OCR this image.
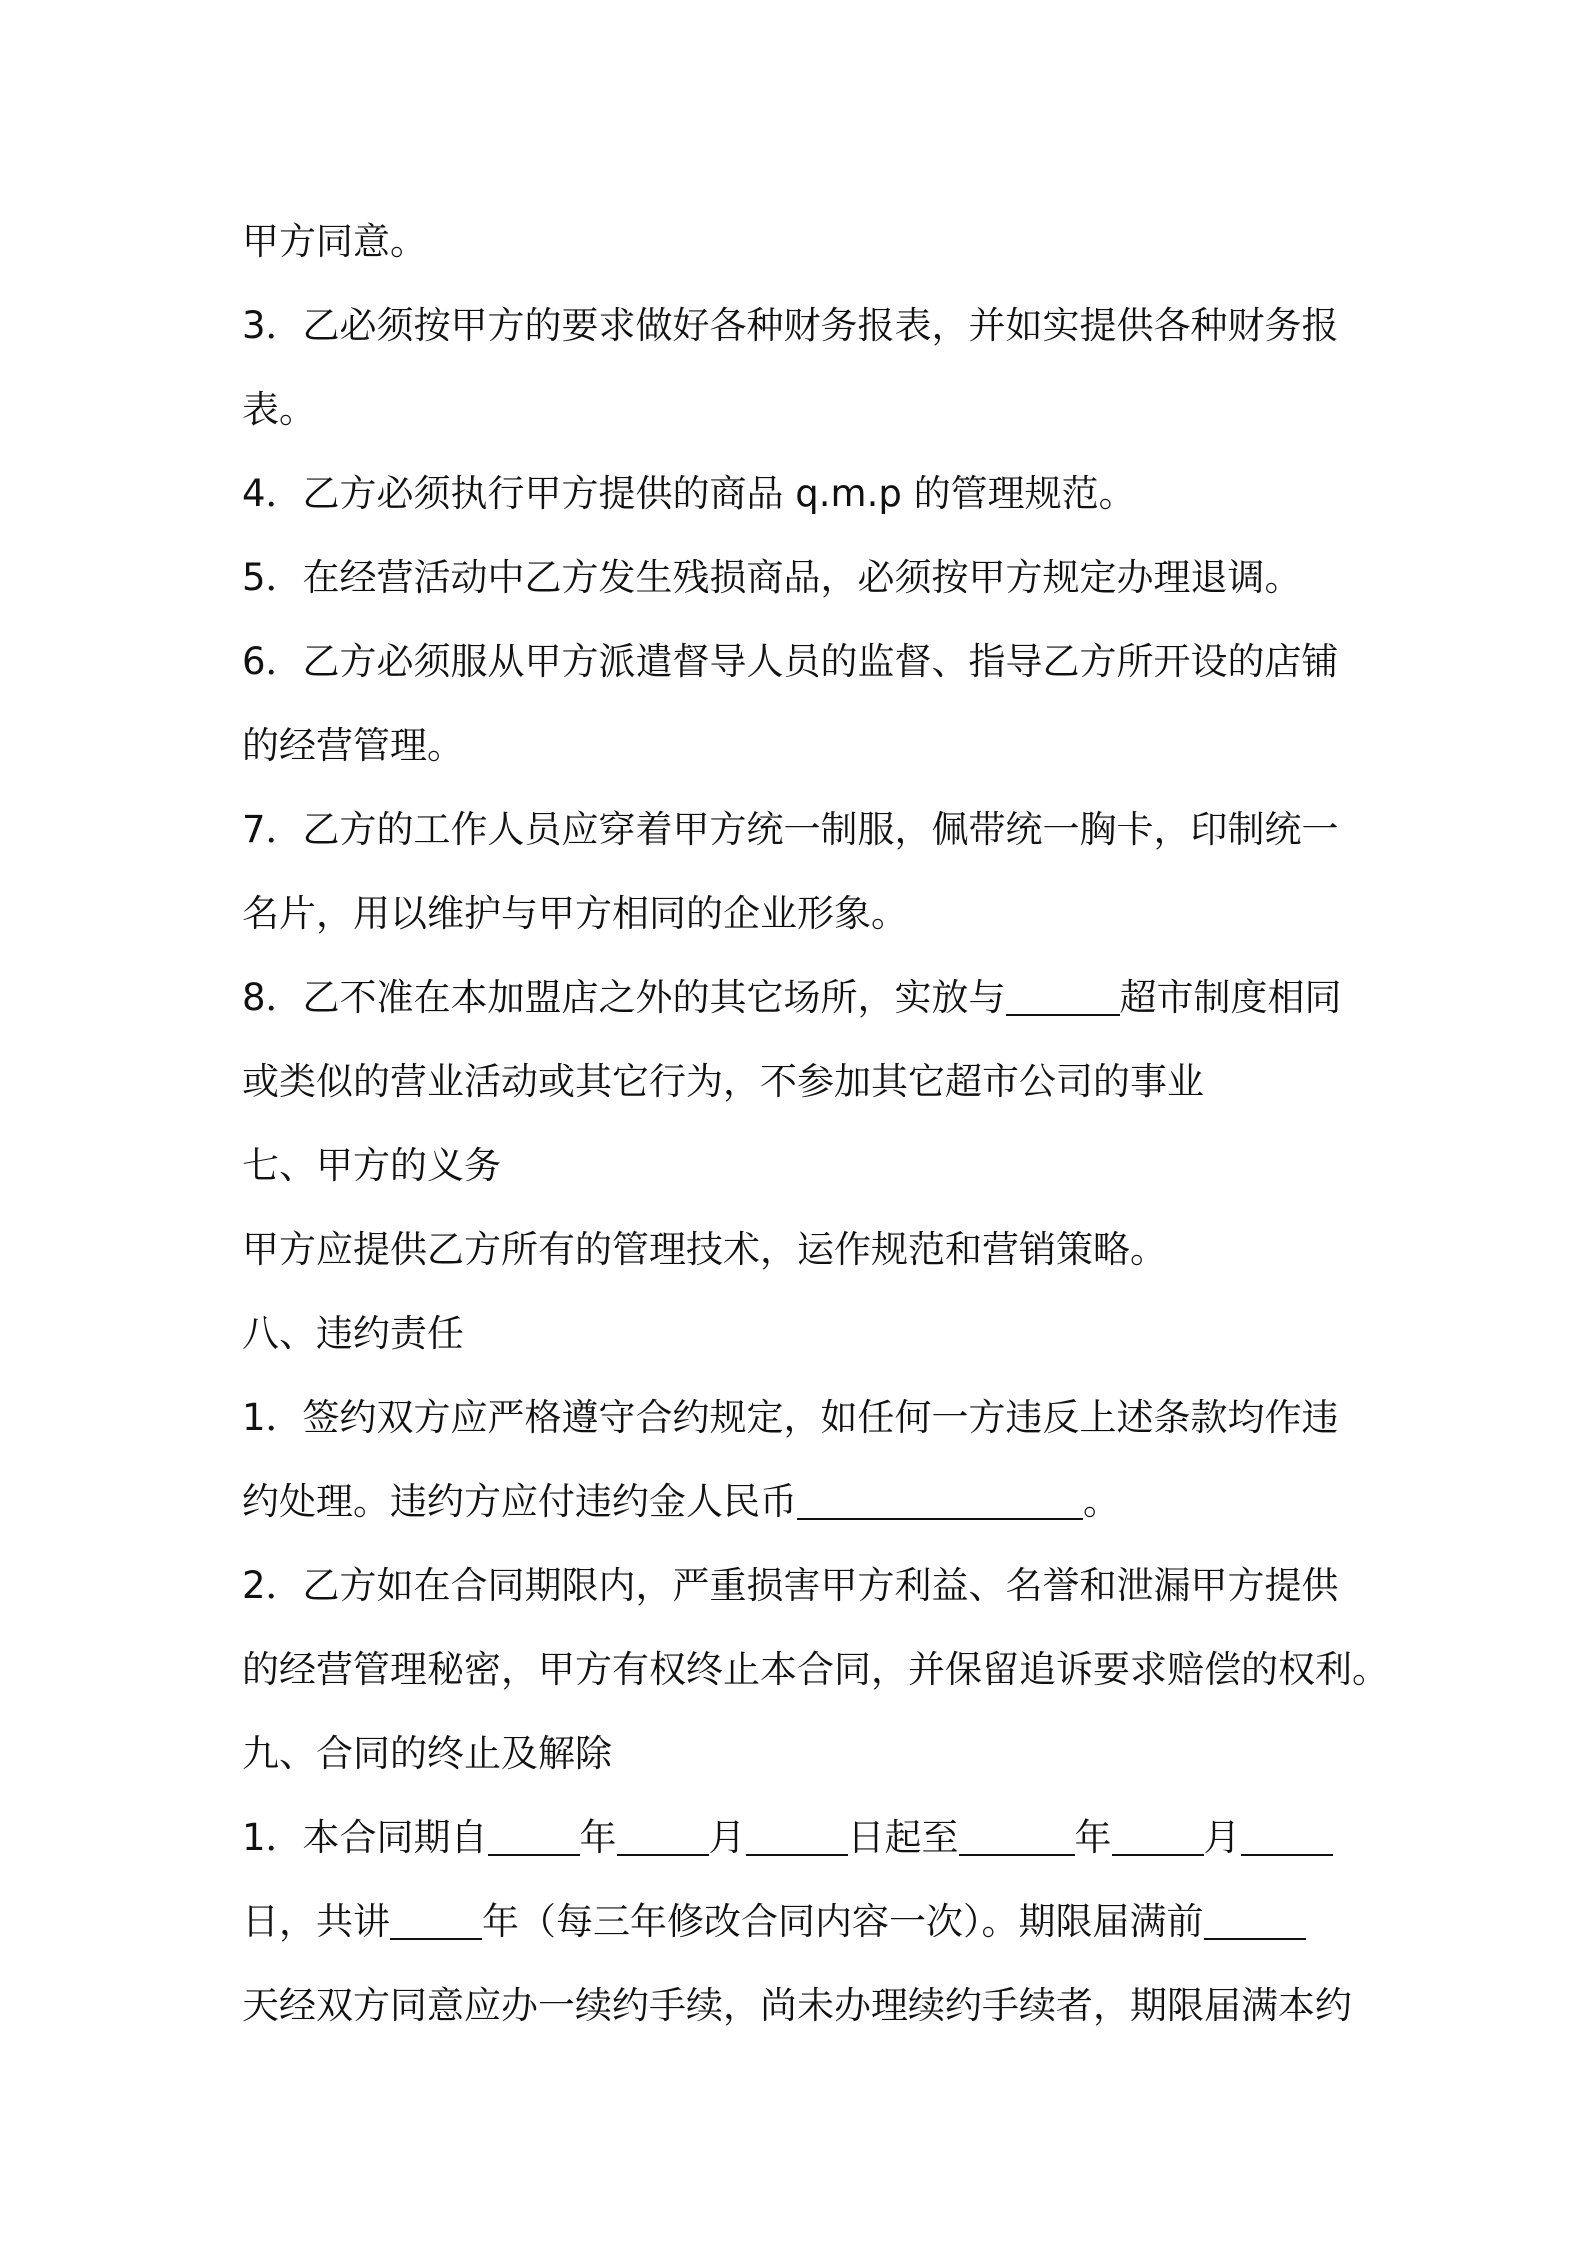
甲方同意。
3．乙必须按甲方的要求做好各种财务报表，并如实提供各种财务报
表。
4．乙方必须执行甲方提供的商品 q.m.p 的管理规范。
5．在经营活动中乙方发生残损商品，必须按甲方规定办理退调。
6．乙方必须服从甲方派遣督导人员的监督、指导乙方所开设的店铺
的经营管理。
7．乙方的工作人员应穿着甲方统一制服，佩带统一胸卡，印制统一
名片，用以维护与甲方相同的企业形象。
8．乙不准在本加盟店之外的其它场所，实放与	超市制度相同
或类似的营业活动或其它行为，不参加其它超市公司的事业
七、甲方的义务
甲方应提供乙方所有的管理技术，运作规范和营销策略。
八、违约责任
1．签约双方应严格遵守合约规定，如任何一方违反上述条款均作违
约处理。违约方应付违约金人民币	。
2．乙方如在合同期限内，严重损害甲方利益、名誉和泄漏甲方提供
的经营管理秘密，甲方有权终止本合同，并保留追诉要求赔偿的权利。
九、合同的终止及解除
1．本合同期自 年 月	日起至	年 月
日，共讲 年（每三年修改合同内容一次）。期限届满前
天经双方同意应办一续约手续，尚未办理续约手续者，期限届满本约
